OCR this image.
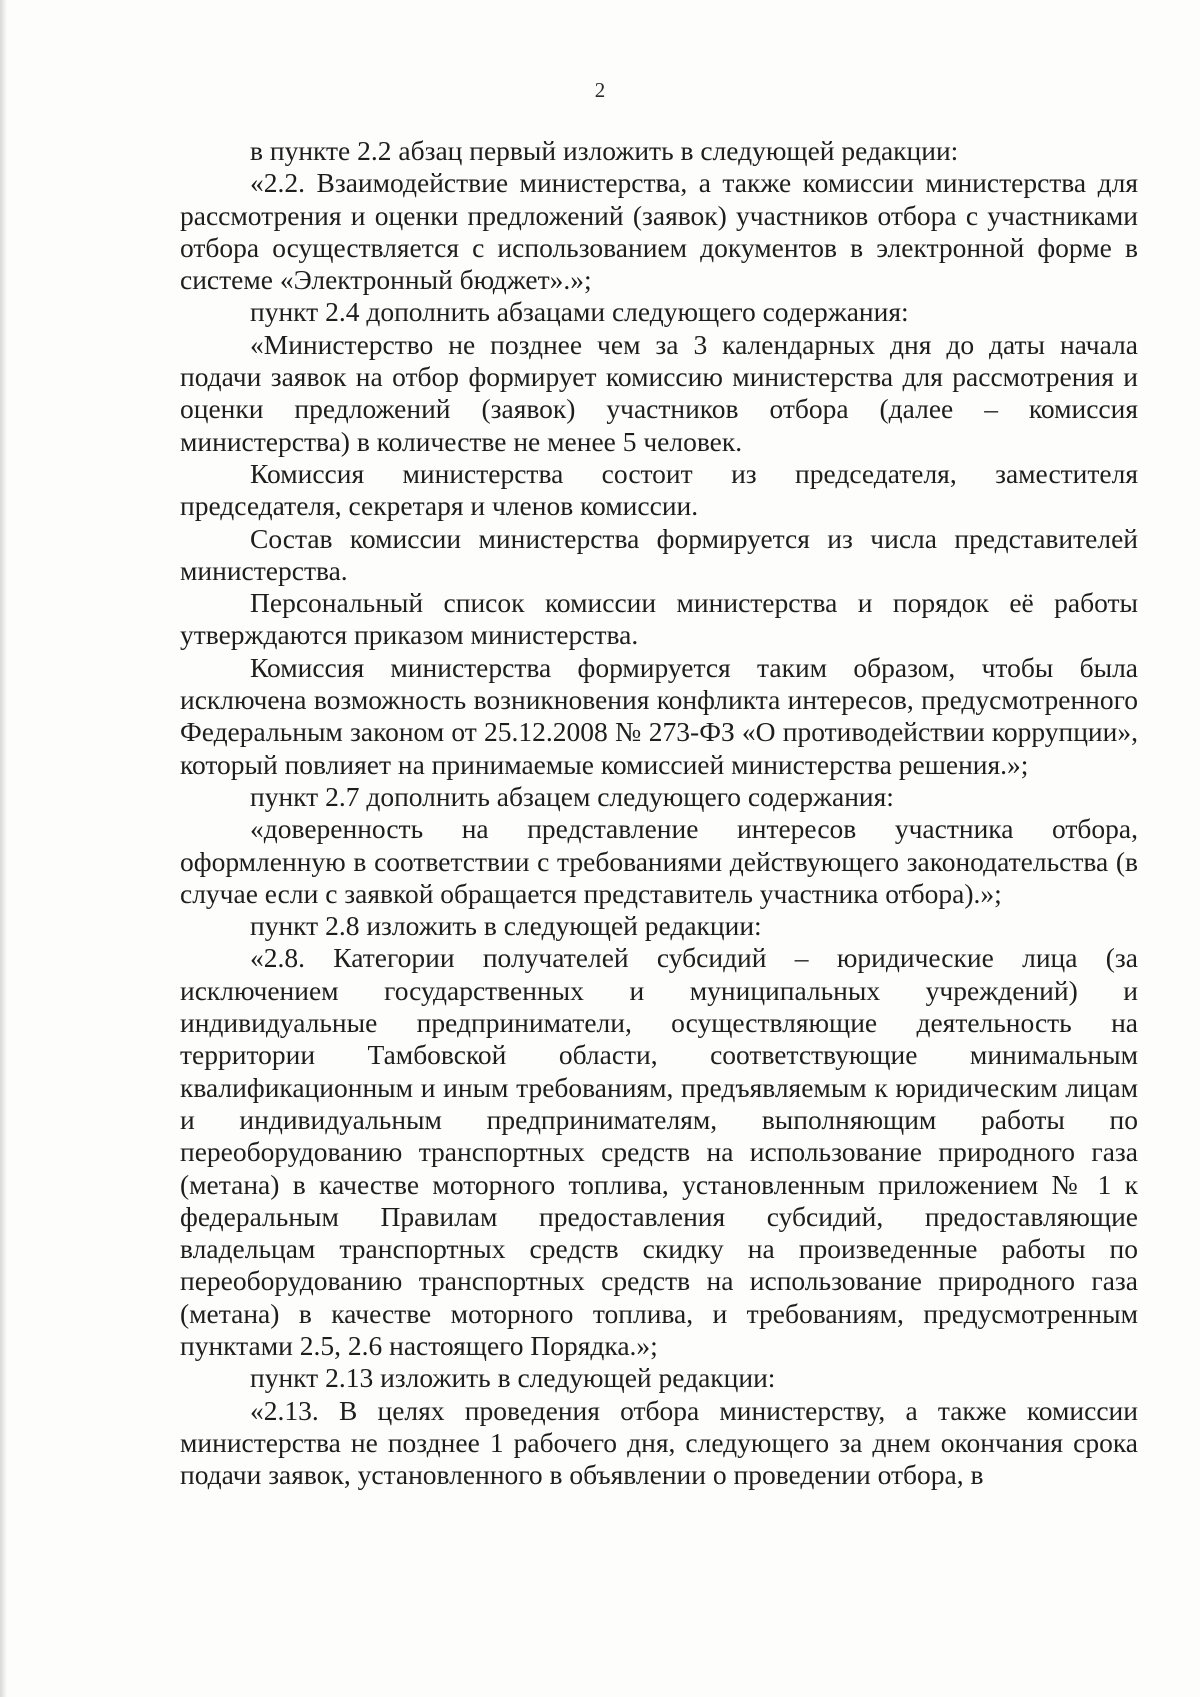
2

в пункте 2.2 абзац первый изложить в следующей редакции:

«2.2. Взаимодействие министерства, а также комиссии министерства для рассмотрения и оценки предложений (заявок) участников отбора с участниками отбора осуществляется с использованием документов в электронной форме в системе «Электронный бюджет».»;

пункт 2.4 дополнить абзацами следующего содержания:

«Министерство не позднее чем за 3 календарных дня до даты начала подачи заявок на отбор формирует комиссию министерства для рассмотрения и оценки предложений (заявок) участников отбора (далее – комиссия министерства) в количестве не менее 5 человек.

Комиссия министерства состоит из председателя, заместителя председателя, секретаря и членов комиссии.

Состав комиссии министерства формируется из числа представителей министерства.

Персональный список комиссии министерства и порядок её работы утверждаются приказом министерства.

Комиссия министерства формируется таким образом, чтобы была исключена возможность возникновения конфликта интересов, предусмотренного Федеральным законом от 25.12.2008 № 273-ФЗ «О противодействии коррупции», который повлияет на принимаемые комиссией министерства решения.»;

пункт 2.7 дополнить абзацем следующего содержания:

«доверенность на представление интересов участника отбора, оформленную в соответствии с требованиями действующего законодательства (в случае если с заявкой обращается представитель участника отбора).»;

пункт 2.8 изложить в следующей редакции:

«2.8. Категории получателей субсидий – юридические лица (за исключением государственных и муниципальных учреждений) и индивидуальные предприниматели, осуществляющие деятельность на территории Тамбовской области, соответствующие минимальным квалификационным и иным требованиям, предъявляемым к юридическим лицам и индивидуальным предпринимателям, выполняющим работы по переоборудованию транспортных средств на использование природного газа (метана) в качестве моторного топлива, установленным приложением № 1 к федеральным Правилам предоставления субсидий, предоставляющие владельцам транспортных средств скидку на произведенные работы по переоборудованию транспортных средств на использование природного газа (метана) в качестве моторного топлива, и требованиям, предусмотренным пунктами 2.5, 2.6 настоящего Порядка.»;

пункт 2.13 изложить в следующей редакции:

«2.13. В целях проведения отбора министерству, а также комиссии министерства не позднее 1 рабочего дня, следующего за днем окончания срока подачи заявок, установленного в объявлении о проведении отбора, в
